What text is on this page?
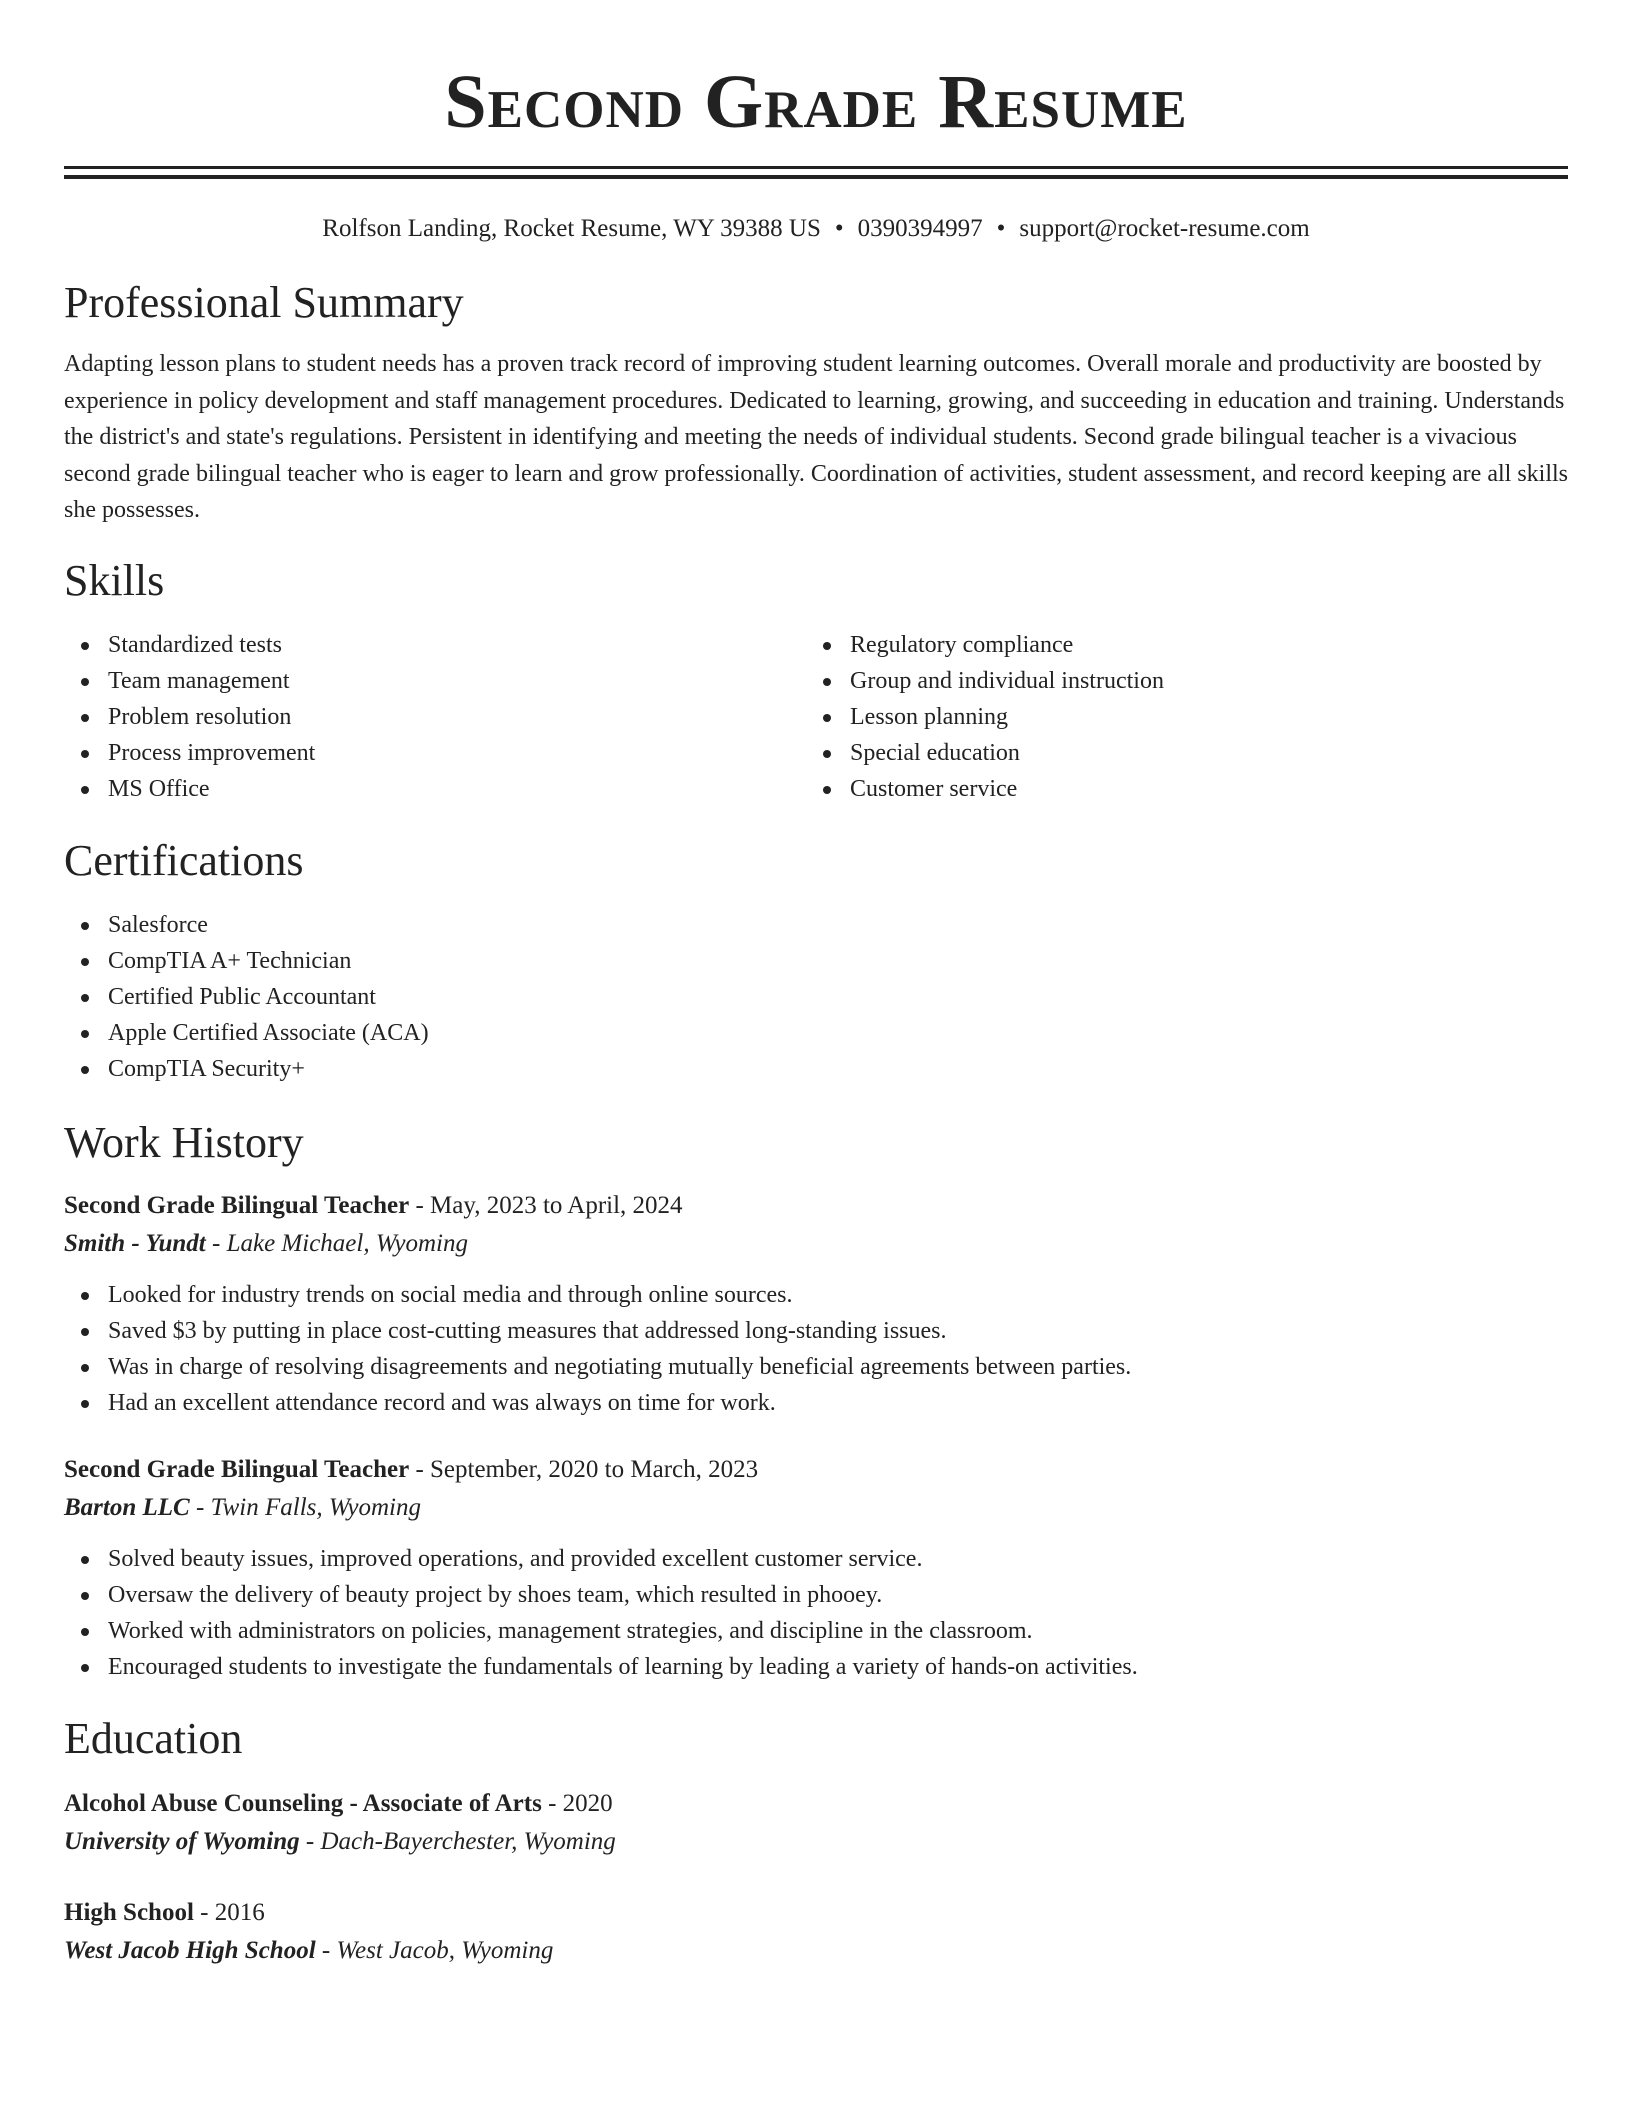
Second Grade Resume
Rolfson Landing, Rocket Resume, WY 39388 US • 0390394997 • support@rocket-resume.com
Professional Summary

Adapting lesson plans to student needs has a proven track record of improving student learning outcomes. Overall morale and productivity are boosted by experience in policy development and staff management procedures. Dedicated to learning, growing, and succeeding in education and training. Understands the district's and state's regulations. Persistent in identifying and meeting the needs of individual students. Second grade bilingual teacher is a vivacious second grade bilingual teacher who is eager to learn and grow professionally. Coordination of activities, student assessment, and record keeping are all skills she possesses.

Skills
Standardized tests
Team management
Problem resolution
Process improvement
MS Office
Regulatory compliance
Group and individual instruction
Lesson planning
Special education
Customer service
Certifications
Salesforce
CompTIA A+ Technician
Certified Public Accountant
Apple Certified Associate (ACA)
CompTIA Security+
Work History
Second Grade Bilingual Teacher - May, 2023 to April, 2024
Smith - Yundt - Lake Michael, Wyoming
Looked for industry trends on social media and through online sources.
Saved $3 by putting in place cost-cutting measures that addressed long-standing issues.
Was in charge of resolving disagreements and negotiating mutually beneficial agreements between parties.
Had an excellent attendance record and was always on time for work.
Second Grade Bilingual Teacher - September, 2020 to March, 2023
Barton LLC - Twin Falls, Wyoming
Solved beauty issues, improved operations, and provided excellent customer service.
Oversaw the delivery of beauty project by shoes team, which resulted in phooey.
Worked with administrators on policies, management strategies, and discipline in the classroom.
Encouraged students to investigate the fundamentals of learning by leading a variety of hands-on activities.
Education
Alcohol Abuse Counseling - Associate of Arts - 2020
University of Wyoming - Dach-Bayerchester, Wyoming
High School - 2016
West Jacob High School - West Jacob, Wyoming
